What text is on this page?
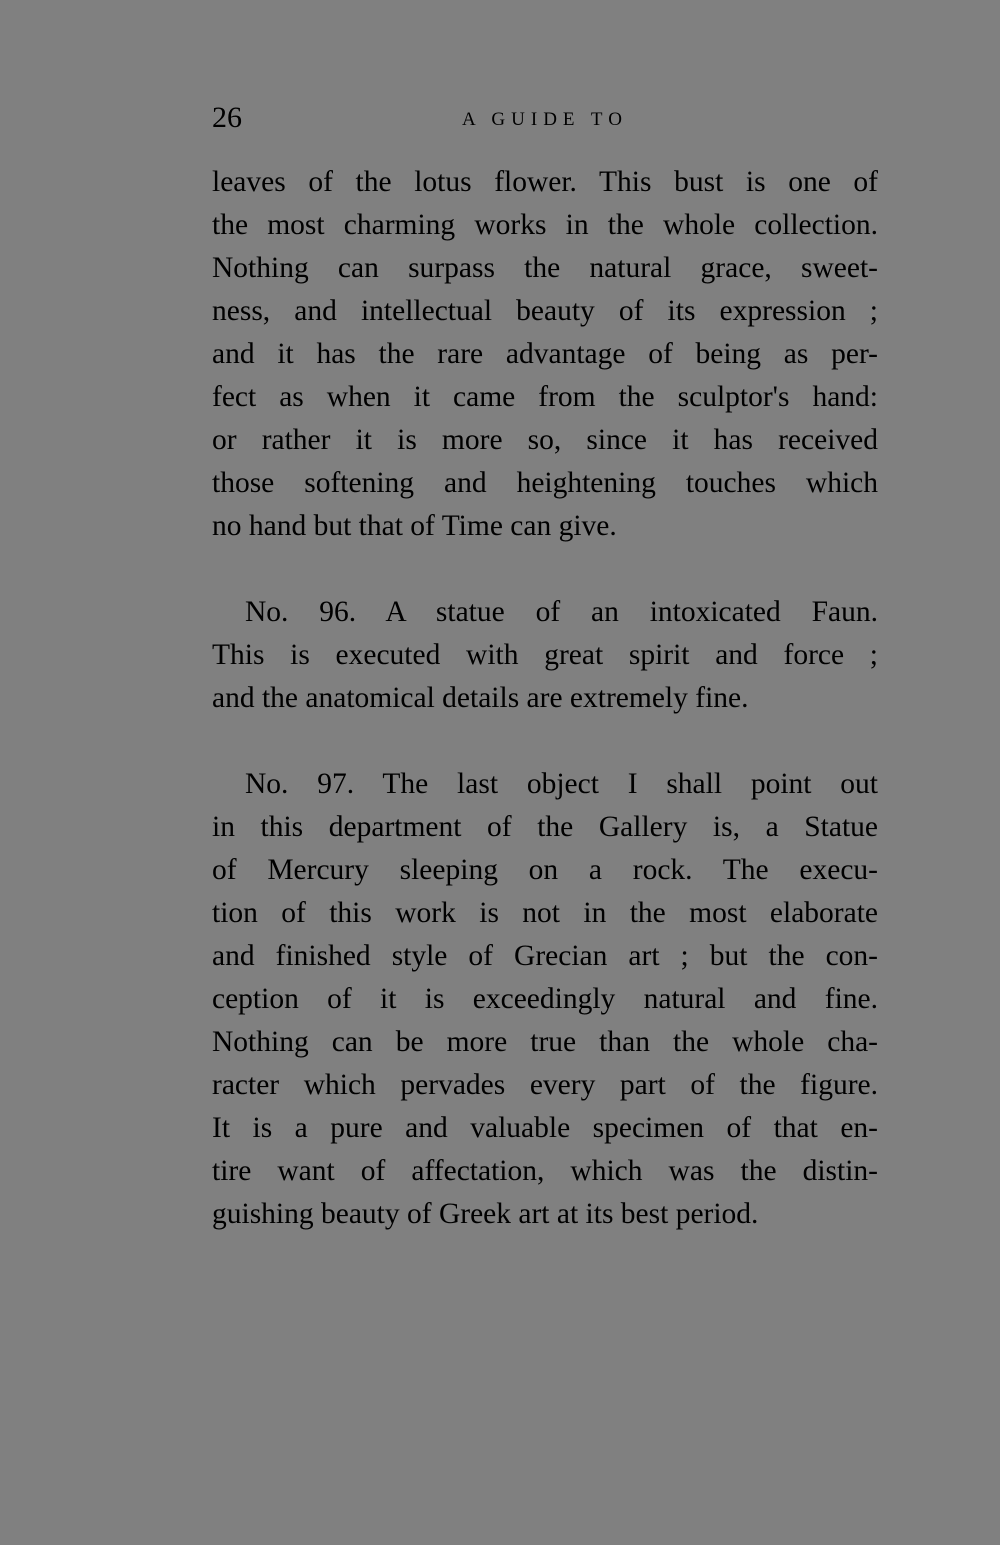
26	A GUIDE TO
leaves of the lotus flower. This bust is one of
the most charming works in the whole collection.
Nothing can surpass the natural grace, sweet-
ness, and intellectual beauty of its expression ;
and it has the rare advantage of being as per-
fect as when it came from the sculptor's hand:
or rather it is more so, since it has received
those softening and heightening touches which
no hand but that of Time can give.
No. 96. A statue of an intoxicated Faun.
This is executed with great spirit and force ;
and the anatomical details are extremely fine.
No. 97. The last object I shall point out
in this department of the Gallery is, a Statue
of Mercury sleeping on a rock. The execu-
tion of this work is not in the most elaborate
and finished style of Grecian art ; but the con-
ception of it is exceedingly natural and fine.
Nothing can be more true than the whole cha-
racter which pervades every part of the figure.
It is a pure and valuable specimen of that en-
tire want of affectation, which was the distin-
guishing beauty of Greek art at its best period.
